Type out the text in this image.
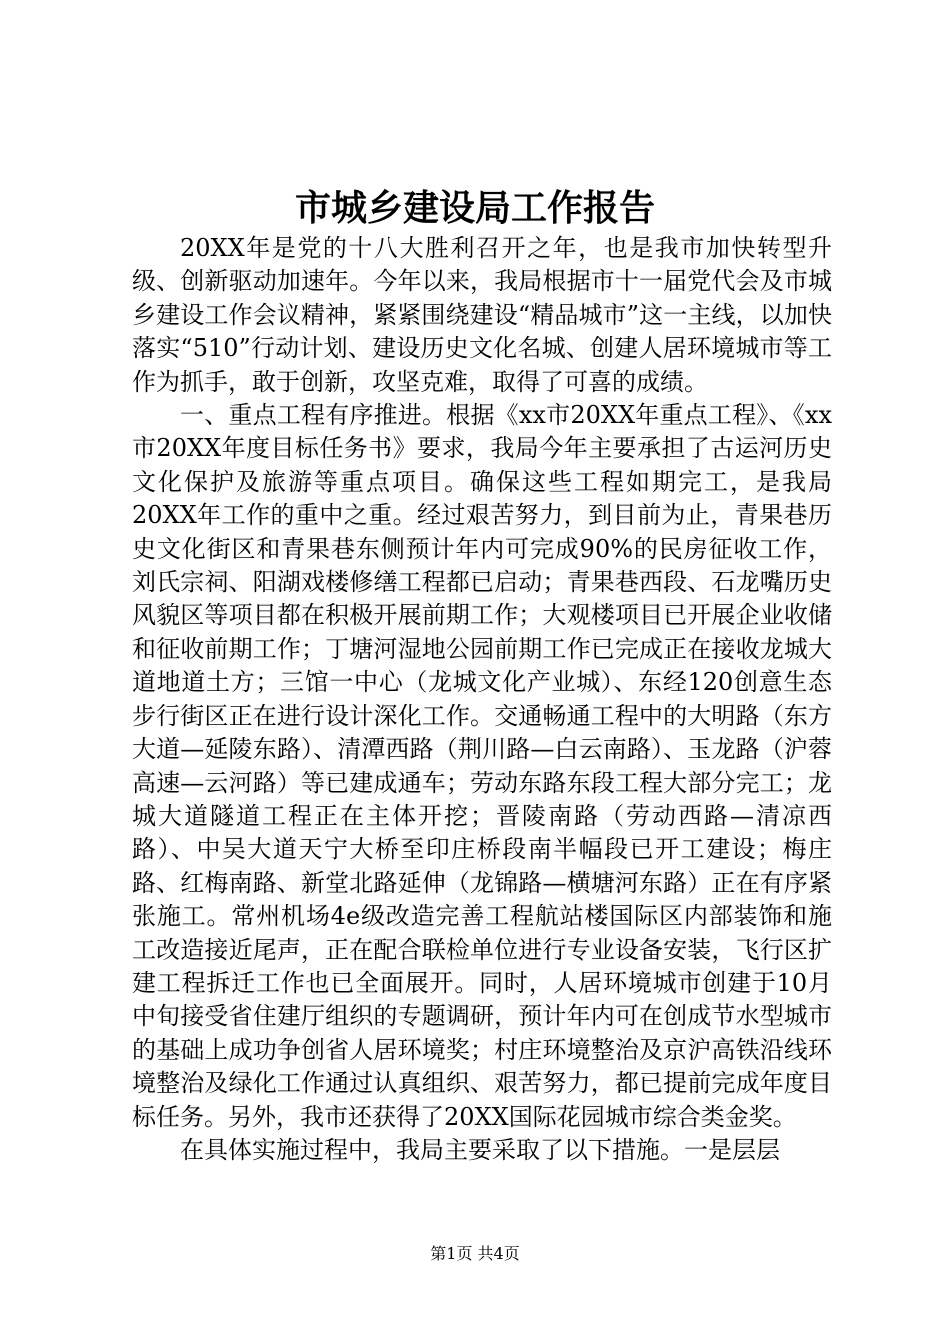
市城乡建设局工作报告

20XX年是党的十八大胜利召开之年，也是我市加快转型升级、创新驱动加速年。今年以来，我局根据市十一届党代会及市城乡建设工作会议精神，紧紧围绕建设“精品城市”这一主线，以加快落实“510”行动计划、建设历史文化名城、创建人居环境城市等工作为抓手，敢于创新，攻坚克难，取得了可喜的成绩。

一、重点工程有序推进。根据《xx市20XX年重点工程》、《xx市20XX年度目标任务书》要求，我局今年主要承担了古运河历史文化保护及旅游等重点项目。确保这些工程如期完工，是我局20XX年工作的重中之重。经过艰苦努力，到目前为止，青果巷历史文化街区和青果巷东侧预计年内可完成90%的民房征收工作，刘氏宗祠、阳湖戏楼修缮工程都已启动；青果巷西段、石龙嘴历史风貌区等项目都在积极开展前期工作；大观楼项目已开展企业收储和征收前期工作；丁塘河湿地公园前期工作已完成正在接收龙城大道地道土方；三馆一中心（龙城文化产业城）、东经120创意生态步行街区正在进行设计深化工作。交通畅通工程中的大明路（东方大道—延陵东路）、清潭西路（荆川路—白云南路）、玉龙路（沪蓉高速—云河路）等已建成通车；劳动东路东段工程大部分完工；龙城大道隧道工程正在主体开挖；晋陵南路（劳动西路—清凉西路）、中吴大道天宁大桥至印庄桥段南半幅段已开工建设；梅庄路、红梅南路、新堂北路延伸（龙锦路—横塘河东路）正在有序紧张施工。常州机场4e级改造完善工程航站楼国际区内部装饰和施工改造接近尾声，正在配合联检单位进行专业设备安装，飞行区扩建工程拆迁工作也已全面展开。同时，人居环境城市创建于10月中旬接受省住建厅组织的专题调研，预计年内可在创成节水型城市的基础上成功争创省人居环境奖；村庄环境整治及京沪高铁沿线环境整治及绿化工作通过认真组织、艰苦努力，都已提前完成年度目标任务。另外，我市还获得了20XX国际花园城市综合类金奖。

在具体实施过程中，我局主要采取了以下措施。一是层层

第1页 共4页
